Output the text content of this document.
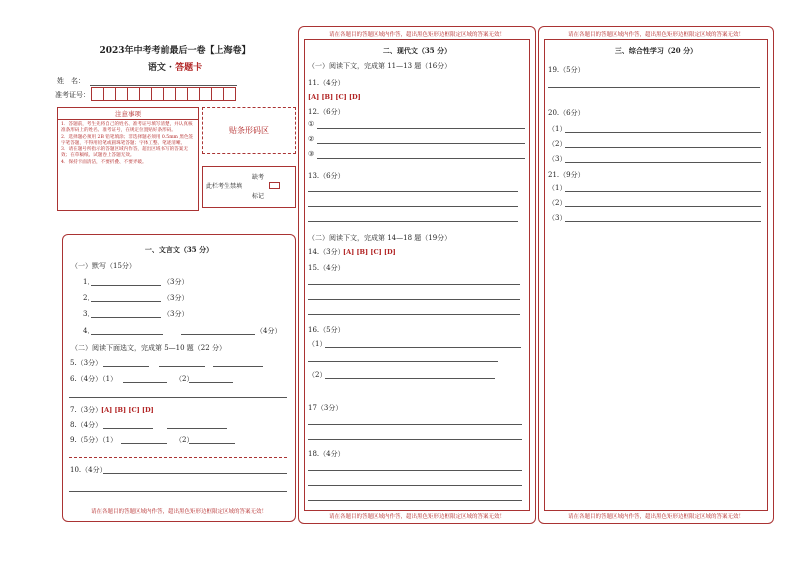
2023年中考考前最后一卷【上海卷】
语文 · 答题卡
姓　名：
准考证号：
注意事项
1．答题前，考生先将自己的姓名、准考证号填写清楚，并认真核准条形码上的姓名、准考证号，在规定位置贴好条形码。
2．选择题必须用 2B 铅笔填涂；非选择题必须用 0.5mm 黑色签字笔答题，不得用铅笔或圆珠笔答题；字体工整、笔迹清晰。
3．请在题号所指示的答题区域内作答，超出区域书写的答案无效；在草稿纸、试题卷上答题无效。
4．保持卡面清洁，不要折叠、不要弄破。
贴条形码区
缺考
此栏考生禁填
标记
一、文言文（35 分）
（一）默写（15分）
1．	（3分）
2．	（3分）
3．	（3分）
4．	（4分）
（二）阅读下面选文，完成第 5—10 题（22 分）
5.（3分）
6.（4分）（1）	（2）
7.（3分）
[A] [B] [C] [D]
8.（4分）
9.（5分）（1）	（2）
10.（4分）
请在各题目的答题区域内作答，超出黑色矩形边框限定区域的答案无效！
请在各题目的答题区域内作答，超出黑色矩形边框限定区域的答案无效！
二、现代文（35 分）
（一）阅读下文，完成第 11—13 题（16分）
11.（4分）
[A] [B] [C] [D]
12.（6分）
①
②
③
13.（6分）
（二）阅读下文，完成第 14—18 题（19分）
14.（3分）
[A] [B] [C] [D]
15.（4分）
16.（5分）
（1）
（2）
17（3分）
18.（4分）
请在各题目的答题区域内作答，超出黑色矩形边框限定区域的答案无效！
请在各题目的答题区域内作答，超出黑色矩形边框限定区域的答案无效！
三、综合性学习（20 分）
19.（5分）
20.（6分）
（1）
（2）
（3）
21.（9分）
（1）
（2）
（3）
请在各题目的答题区域内作答，超出黑色矩形边框限定区域的答案无效！
